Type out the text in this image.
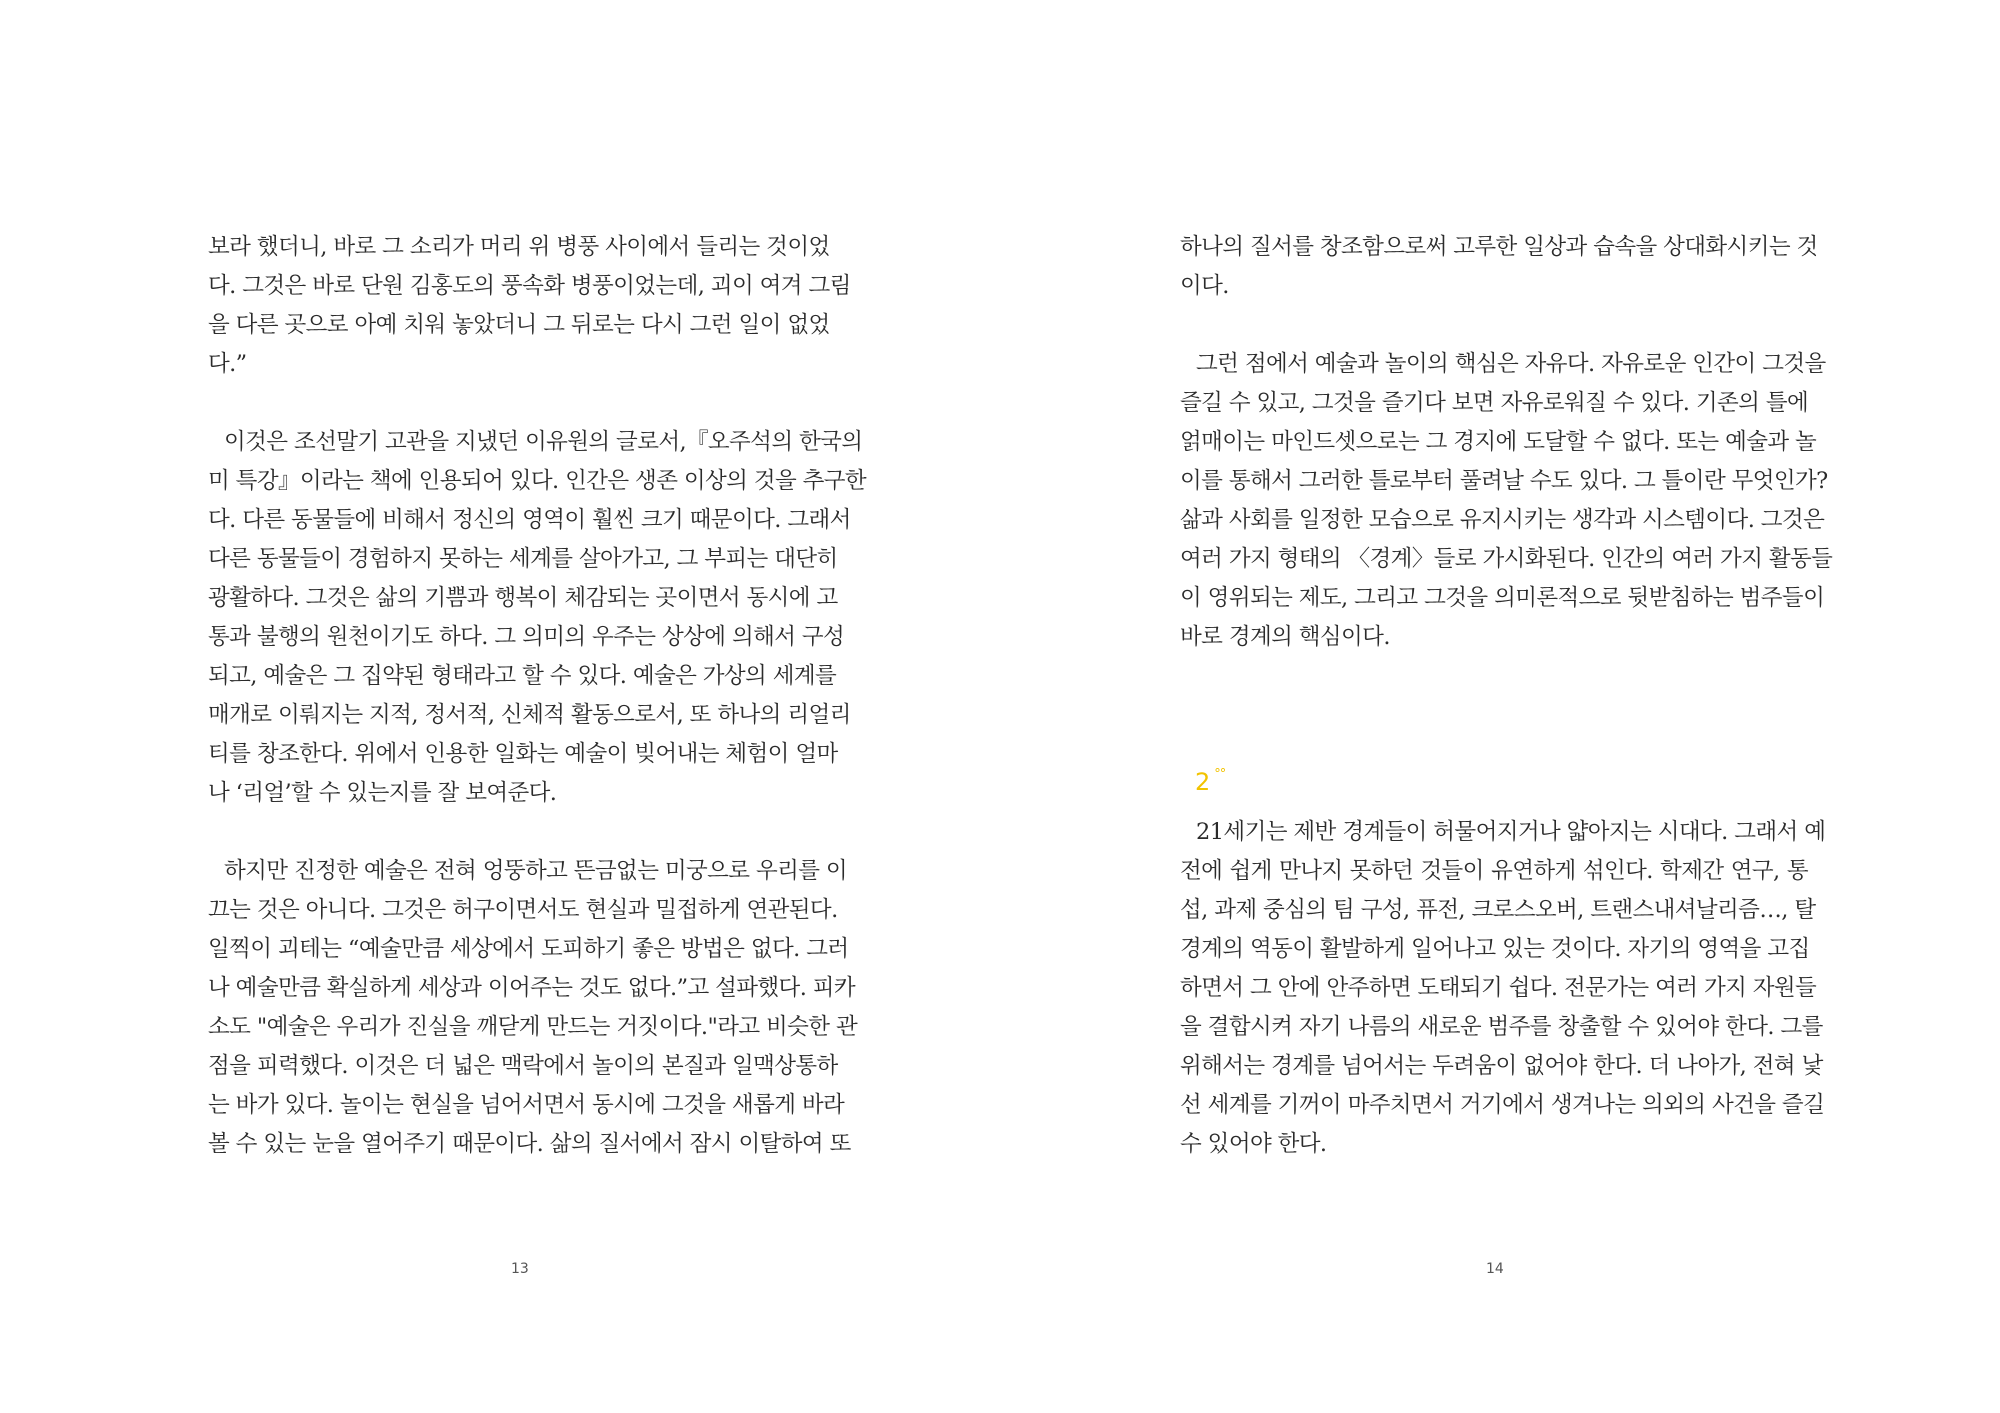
보라 했더니, 바로 그 소리가 머리 위 병풍 사이에서 들리는 것이었
다. 그것은 바로 단원 김홍도의 풍속화 병풍이었는데, 괴이 여겨 그림
을 다른 곳으로 아예 치워 놓았더니 그 뒤로는 다시 그런 일이 없었
다.”
이것은 조선말기 고관을 지냈던 이유원의 글로서,『오주석의 한국의
미 특강』이라는 책에 인용되어 있다. 인간은 생존 이상의 것을 추구한
다. 다른 동물들에 비해서 정신의 영역이 훨씬 크기 때문이다. 그래서
다른 동물들이 경험하지 못하는 세계를 살아가고, 그 부피는 대단히
광활하다. 그것은 삶의 기쁨과 행복이 체감되는 곳이면서 동시에 고
통과 불행의 원천이기도 하다. 그 의미의 우주는 상상에 의해서 구성
되고, 예술은 그 집약된 형태라고 할 수 있다. 예술은 가상의 세계를
매개로 이뤄지는 지적, 정서적, 신체적 활동으로서, 또 하나의 리얼리
티를 창조한다. 위에서 인용한 일화는 예술이 빚어내는 체험이 얼마
나 ‘리얼’할 수 있는지를 잘 보여준다.
하지만 진정한 예술은 전혀 엉뚱하고 뜬금없는 미궁으로 우리를 이
끄는 것은 아니다. 그것은 허구이면서도 현실과 밀접하게 연관된다.
일찍이 괴테는 “예술만큼 세상에서 도피하기 좋은 방법은 없다. 그러
나 예술만큼 확실하게 세상과 이어주는 것도 없다.”고 설파했다. 피카
소도 "예술은 우리가 진실을 깨닫게 만드는 거짓이다."라고 비슷한 관
점을 피력했다. 이것은 더 넓은 맥락에서 놀이의 본질과 일맥상통하
는 바가 있다. 놀이는 현실을 넘어서면서 동시에 그것을 새롭게 바라
볼 수 있는 눈을 열어주기 때문이다. 삶의 질서에서 잠시 이탈하여 또
13
하나의 질서를 창조함으로써 고루한 일상과 습속을 상대화시키는 것
이다.
그런 점에서 예술과 놀이의 핵심은 자유다. 자유로운 인간이 그것을
즐길 수 있고, 그것을 즐기다 보면 자유로워질 수 있다. 기존의 틀에
얽매이는 마인드셋으로는 그 경지에 도달할 수 없다. 또는 예술과 놀
이를 통해서 그러한 틀로부터 풀려날 수도 있다. 그 틀이란 무엇인가?
삶과 사회를 일정한 모습으로 유지시키는 생각과 시스템이다. 그것은
여러 가지 형태의 〈경계〉들로 가시화된다. 인간의 여러 가지 활동들
이 영위되는 제도, 그리고 그것을 의미론적으로 뒷받침하는 범주들이
바로 경계의 핵심이다.
2 °°
21세기는 제반 경계들이 허물어지거나 얇아지는 시대다. 그래서 예
전에 쉽게 만나지 못하던 것들이 유연하게 섞인다. 학제간 연구, 통
섭, 과제 중심의 팀 구성, 퓨전, 크로스오버, 트랜스내셔날리즘…, 탈
경계의 역동이 활발하게 일어나고 있는 것이다. 자기의 영역을 고집
하면서 그 안에 안주하면 도태되기 쉽다. 전문가는 여러 가지 자원들
을 결합시켜 자기 나름의 새로운 범주를 창출할 수 있어야 한다. 그를
위해서는 경계를 넘어서는 두려움이 없어야 한다. 더 나아가, 전혀 낯
선 세계를 기꺼이 마주치면서 거기에서 생겨나는 의외의 사건을 즐길
수 있어야 한다.
14
